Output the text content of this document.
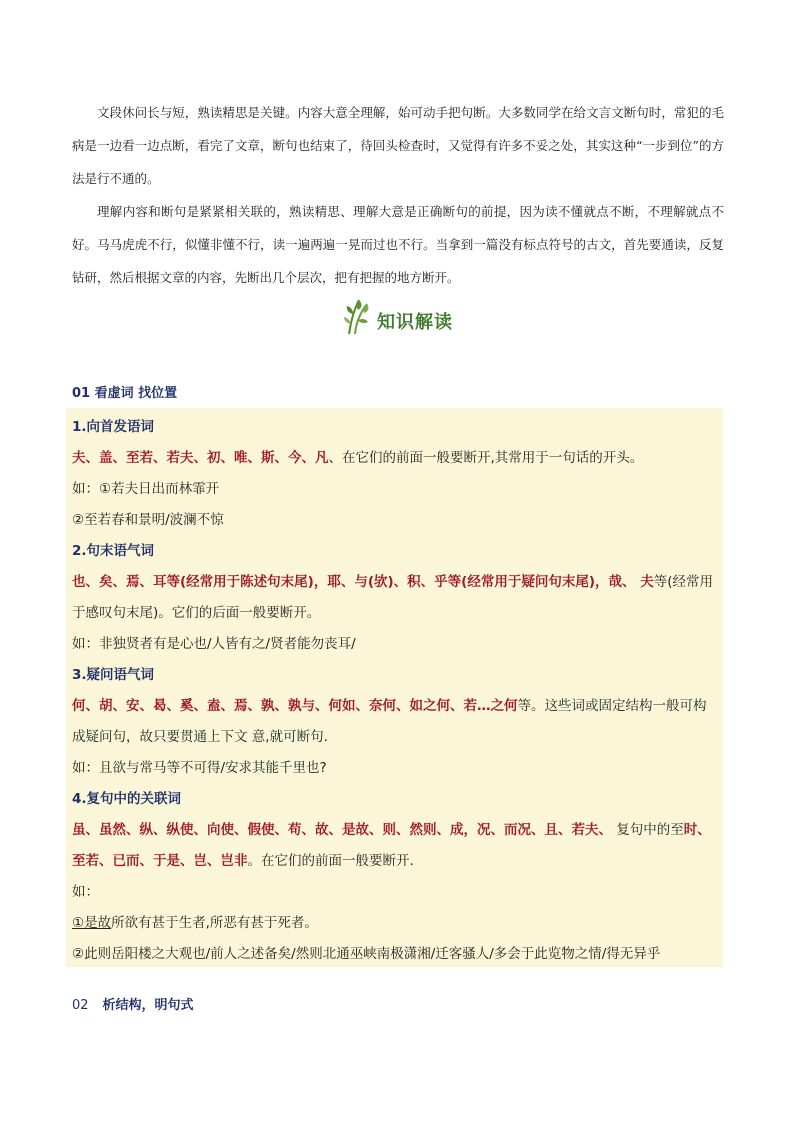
文段休问长与短，熟读精思是关键。内容大意全理解，始可动手把句断。大多数同学在给文言文断句时，常犯的毛病是一边看一边点断，看完了文章，断句也结束了，待回头检查时，又觉得有许多不妥之处，其实这种“一步到位”的方法是行不通的。

理解内容和断句是紧紧相关联的，熟读精思、理解大意是正确断句的前提，因为读不懂就点不断，不理解就点不好。马马虎虎不行，似懂非懂不行，读一遍两遍一晃而过也不行。当拿到一篇没有标点符号的古文，首先要通读，反复钻研，然后根据文章的内容，先断出几个层次，把有把握的地方断开。

知识解读
01 看虚词 找位置

1.向首发语词

夫、盖、至若、若夫、初、唯、斯、今、凡、在它们的前面一般要断开,其常用于一句话的开头。

如：①若夫日出而林霏开

②至若春和景明/波澜不惊

2.句末语气词

也、矣、焉、耳等(经常用于陈述句末尾)，耶、与(欤)、积、乎等(经常用于疑问句末尾)，哉、 夫等(经常用于感叹句末尾)。它们的后面一般要断开。

如：非独贤者有是心也/人皆有之/贤者能勿丧耳/

3.疑问语气词

何、胡、安、曷、奚、盍、焉、孰、孰与、何如、奈何、如之何、若…之何等。这些词或固定结构一般可构成疑问句，故只要贯通上下文 意,就可断句.

如：且欲与常马等不可得/安求其能千里也?

4.复句中的关联词

虽、虽然、纵、纵使、向使、假使、苟、故、是故、则、然则、成，况、而况、且、若夫、 复句中的至时、至若、已而、于是、岂、岂非。在它们的前面一般要断开.

如：

①是故所欲有甚于生者,所恶有甚于死者。

②此则岳阳楼之大观也/前人之述备矣/然则北通巫峡南极潇湘/迁客骚人/多会于此览物之情/得无异乎

02 析结构，明句式
